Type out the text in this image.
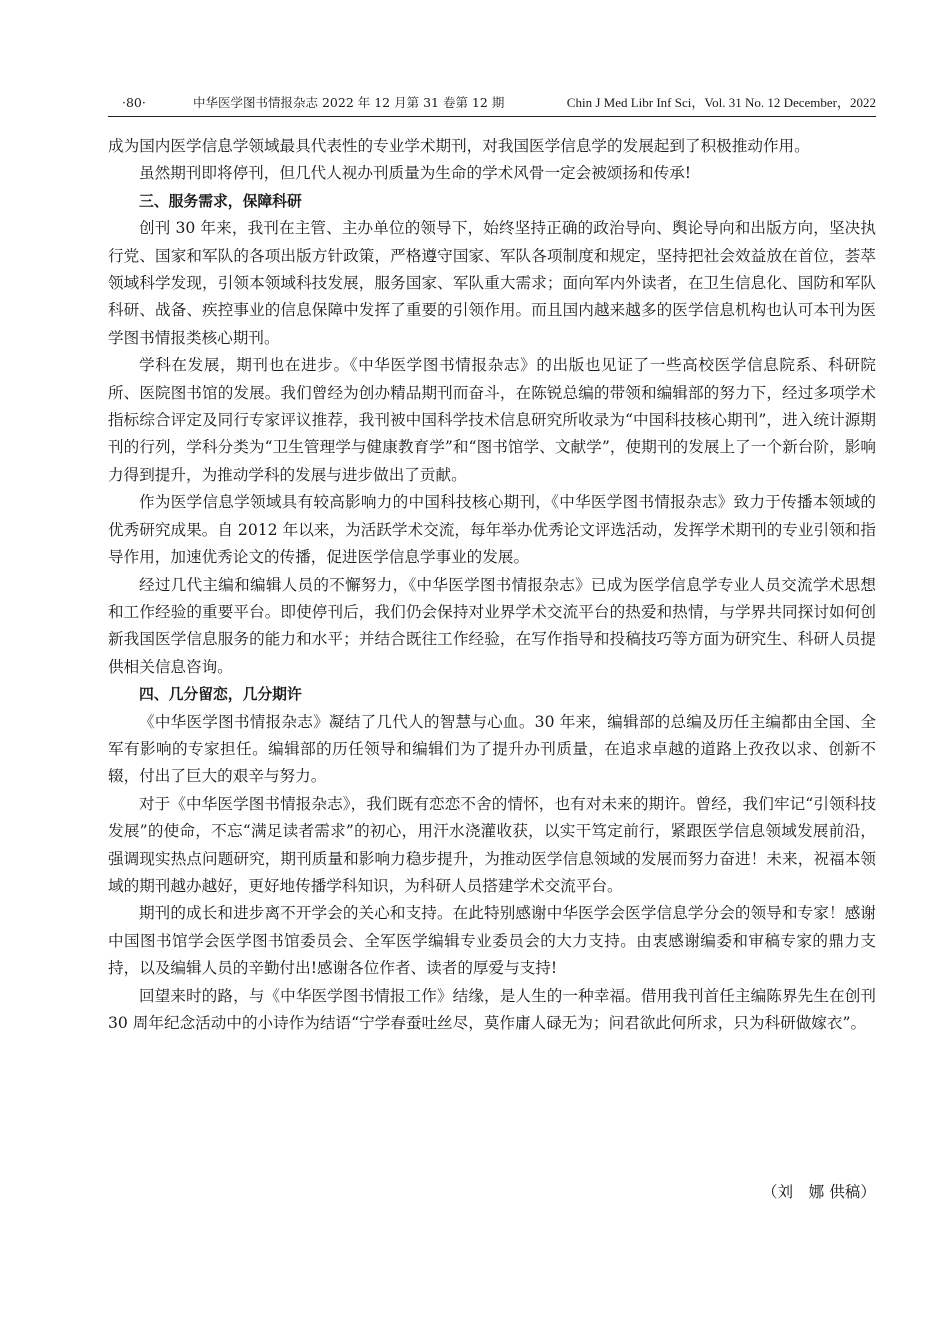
·80·	中华医学图书情报杂志 2022 年 12 月第 31 卷第 12 期	Chin J Med Libr Inf Sci，Vol. 31 No. 12 December，2022

成为国内医学信息学领域最具代表性的专业学术期刊，对我国医学信息学的发展起到了积极推动作用。

虽然期刊即将停刊，但几代人视办刊质量为生命的学术风骨一定会被颂扬和传承!

三、服务需求，保障科研

创刊 30 年来，我刊在主管、主办单位的领导下，始终坚持正确的政治导向、舆论导向和出版方向，坚决执行党、国家和军队的各项出版方针政策，严格遵守国家、军队各项制度和规定，坚持把社会效益放在首位，荟萃领域科学发现，引领本领域科技发展，服务国家、军队重大需求；面向军内外读者，在卫生信息化、国防和军队科研、战备、疾控事业的信息保障中发挥了重要的引领作用。而且国内越来越多的医学信息机构也认可本刊为医学图书情报类核心期刊。

学科在发展，期刊也在进步。《中华医学图书情报杂志》的出版也见证了一些高校医学信息院系、科研院所、医院图书馆的发展。我们曾经为创办精品期刊而奋斗，在陈锐总编的带领和编辑部的努力下，经过多项学术指标综合评定及同行专家评议推荐，我刊被中国科学技术信息研究所收录为“中国科技核心期刊”，进入统计源期刊的行列，学科分类为“卫生管理学与健康教育学”和“图书馆学、文献学”，使期刊的发展上了一个新台阶，影响力得到提升，为推动学科的发展与进步做出了贡献。

作为医学信息学领域具有较高影响力的中国科技核心期刊，《中华医学图书情报杂志》致力于传播本领域的优秀研究成果。自 2012 年以来，为活跃学术交流，每年举办优秀论文评选活动，发挥学术期刊的专业引领和指导作用，加速优秀论文的传播，促进医学信息学事业的发展。

经过几代主编和编辑人员的不懈努力，《中华医学图书情报杂志》已成为医学信息学专业人员交流学术思想和工作经验的重要平台。即使停刊后，我们仍会保持对业界学术交流平台的热爱和热情，与学界共同探讨如何创新我国医学信息服务的能力和水平；并结合既往工作经验，在写作指导和投稿技巧等方面为研究生、科研人员提供相关信息咨询。

四、几分留恋，几分期许

《中华医学图书情报杂志》凝结了几代人的智慧与心血。30 年来，编辑部的总编及历任主编都由全国、全军有影响的专家担任。编辑部的历任领导和编辑们为了提升办刊质量，在追求卓越的道路上孜孜以求、创新不辍，付出了巨大的艰辛与努力。

对于《中华医学图书情报杂志》，我们既有恋恋不舍的情怀，也有对未来的期许。曾经，我们牢记“引领科技发展”的使命，不忘“满足读者需求”的初心，用汗水浇灌收获，以实干笃定前行，紧跟医学信息领域发展前沿，强调现实热点问题研究，期刊质量和影响力稳步提升，为推动医学信息领域的发展而努力奋进！未来，祝福本领域的期刊越办越好，更好地传播学科知识，为科研人员搭建学术交流平台。

期刊的成长和进步离不开学会的关心和支持。在此特别感谢中华医学会医学信息学分会的领导和专家！感谢中国图书馆学会医学图书馆委员会、全军医学编辑专业委员会的大力支持。由衷感谢编委和审稿专家的鼎力支持，以及编辑人员的辛勤付出!感谢各位作者、读者的厚爱与支持!

回望来时的路，与《中华医学图书情报工作》结缘，是人生的一种幸福。借用我刊首任主编陈界先生在创刊 30 周年纪念活动中的小诗作为结语“宁学春蚕吐丝尽，莫作庸人碌无为；问君欲此何所求，只为科研做嫁衣”。

（刘　娜 供稿）
